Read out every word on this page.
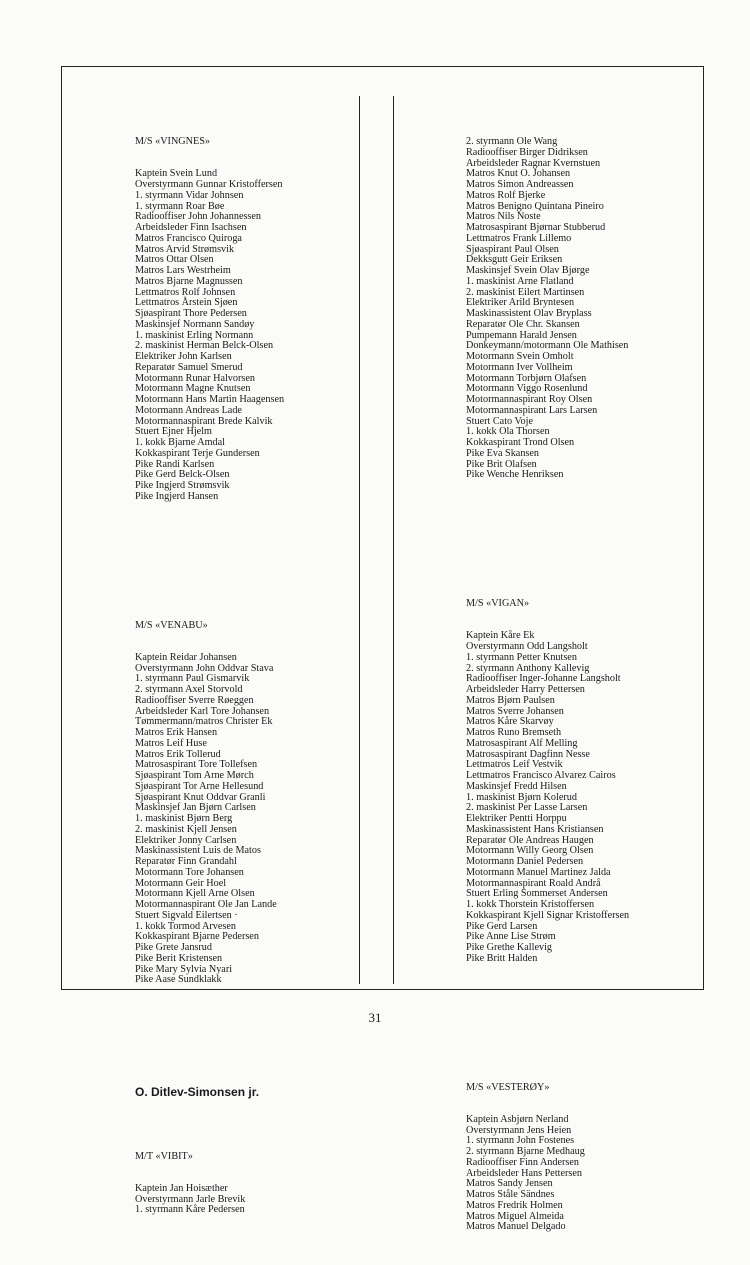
M/S «VINGNES»

Kaptein Svein Lund
Overstyrmann Gunnar Kristoffersen
1. styrmann Vidar Johnsen
1. styrmann Roar Bøe
Radiooffiser John Johannessen
Arbeidsleder Finn Isachsen
Matros Francisco Quiroga
Matros Arvid Strømsvik
Matros Ottar Olsen
Matros Lars Westrheim
Matros Bjarne Magnussen
Lettmatros Rolf Johnsen
Lettmatros Årstein Sjøen
Sjøaspirant Thore Pedersen
Maskinsjef Normann Sandøy
1. maskinist Erling Normann
2. maskinist Herman Belck-Olsen
Elektriker John Karlsen
Reparatør Samuel Smerud
Motormann Runar Halvorsen
Motormann Magne Knutsen
Motormann Hans Martin Haagensen
Motormann Andreas Lade
Motormannaspirant Brede Kalvik
Stuert Ejner Hjelm
1. kokk Bjarne Amdal
Kokkaspirant Terje Gundersen
Pike Randi Karlsen
Pike Gerd Belck-Olsen
Pike Ingjerd Strømsvik
Pike Ingjerd Hansen

M/S «VENABU»

Kaptein Reidar Johansen
Overstyrmann John Oddvar Stava
1. styrmann Paul Gismarvik
2. styrmann Axel Storvold
Radiooffiser Sverre Røeggen
Arbeidsleder Karl Tore Johansen
Tømmermann/matros Christer Ek
Matros Erik Hansen
Matros Leif Huse
Matros Erik Tollerud
Matrosaspirant Tore Tollefsen
Sjøaspirant Tom Arne Mørch
Sjøaspirant Tor Arne Hellesund
Sjøaspirant Knut Oddvar Granli
Maskinsjef Jan Bjørn Carlsen
1. maskinist Bjørn Berg
2. maskinist Kjell Jensen
Elektriker Jonny Carlsen
Maskinassistent Luis de Matos
Reparatør Finn Grandahl
Motormann Tore Johansen
Motormann Geir Hoel
Motormann Kjell Arne Olsen
Motormannaspirant Ole Jan Lande
Stuert Sigvald Eilertsen ·
1. kokk Tormod Arvesen
Kokkaspirant Bjarne Pedersen
Pike Grete Jansrud
Pike Berit Kristensen
Pike Mary Sylvia Nyari
Pike Aase Sundklakk

O. Ditlev-Simonsen jr.

M/T «VIBIT»

Kaptein Jan Hoisæther
Overstyrmann Jarle Brevik
1. styrmann Kåre Pedersen

2. styrmann Ole Wang
Radiooffiser Birger Didriksen
Arbeidsleder Ragnar Kvernstuen
Matros Knut O. Johansen
Matros Simon Andreassen
Matros Rolf Bjerke
Matros Benigno Quintana Pineiro
Matros Nils Noste
Matrosaspirant Bjørnar Stubberud
Lettmatros Frank Lillemo
Sjøaspirant Paul Olsen
Dekksgutt Geir Eriksen
Maskinsjef Svein Olav Bjørge
1. maskinist Arne Flatland
2. maskinist Eilert Martinsen
Elektriker Arild Bryntesen
Maskinassistent Olav Bryplass
Reparatør Ole Chr. Skansen
Pumpemann Harald Jensen
Donkeymann/motormann Ole Mathisen
Motormann Svein Omholt
Motormann Iver Vollheim
Motormann Torbjørn Olafsen
Motormann Viggo Rosenlund
Motormannaspirant Roy Olsen
Motormannaspirant Lars Larsen
Stuert Cato Voje
1. kokk Ola Thorsen
Kokkaspirant Trond Olsen
Pike Eva Skansen
Pike Brit Olafsen
Pike Wenche Henriksen

M/S «VIGAN»

Kaptein Kåre Ek
Overstyrmann Odd Langsholt
1. styrmann Petter Knutsen
2. styrmann Anthony Kallevig
Radiooffiser Inger-Johanne Langsholt
Arbeidsleder Harry Pettersen
Matros Bjørn Paulsen
Matros Sverre Johansen
Matros Kåre Skarvøy
Matros Runo Bremseth
Matrosaspirant Alf Melling
Matrosaspirant Dagfinn Nesse
Lettmatros Leif Vestvik
Lettmatros Francisco Alvarez Cairos
Maskinsjef Fredd Hilsen
1. maskinist Bjørn Kolerud
2. maskinist Per Lasse Larsen
Elektriker Pentti Horppu
Maskinassistent Hans Kristiansen
Reparatør Ole Andreas Haugen
Motormann Willy Georg Olsen
Motormann Daniel Pedersen
Motormann Manuel Martinez Jalda
Motormannaspirant Roald Andrå
Stuert Erling Sommerset Andersen
1. kokk Thorstein Kristoffersen
Kokkaspirant Kjell Signar Kristoffersen
Pike Gerd Larsen
Pike Anne Lise Strøm
Pike Grethe Kallevig
Pike Britt Halden

M/S «VESTERØY»

Kaptein Asbjørn Nerland
Overstyrmann Jens Heien
1. styrmann John Fostenes
2. styrmann Bjarne Medhaug
Radiooffiser Finn Andersen
Arbeidsleder Hans Pettersen
Matros Sandy Jensen
Matros Ståle Sändnes
Matros Fredrik Holmen
Matros Miguel Almeida
Matros Manuel Delgado

31
